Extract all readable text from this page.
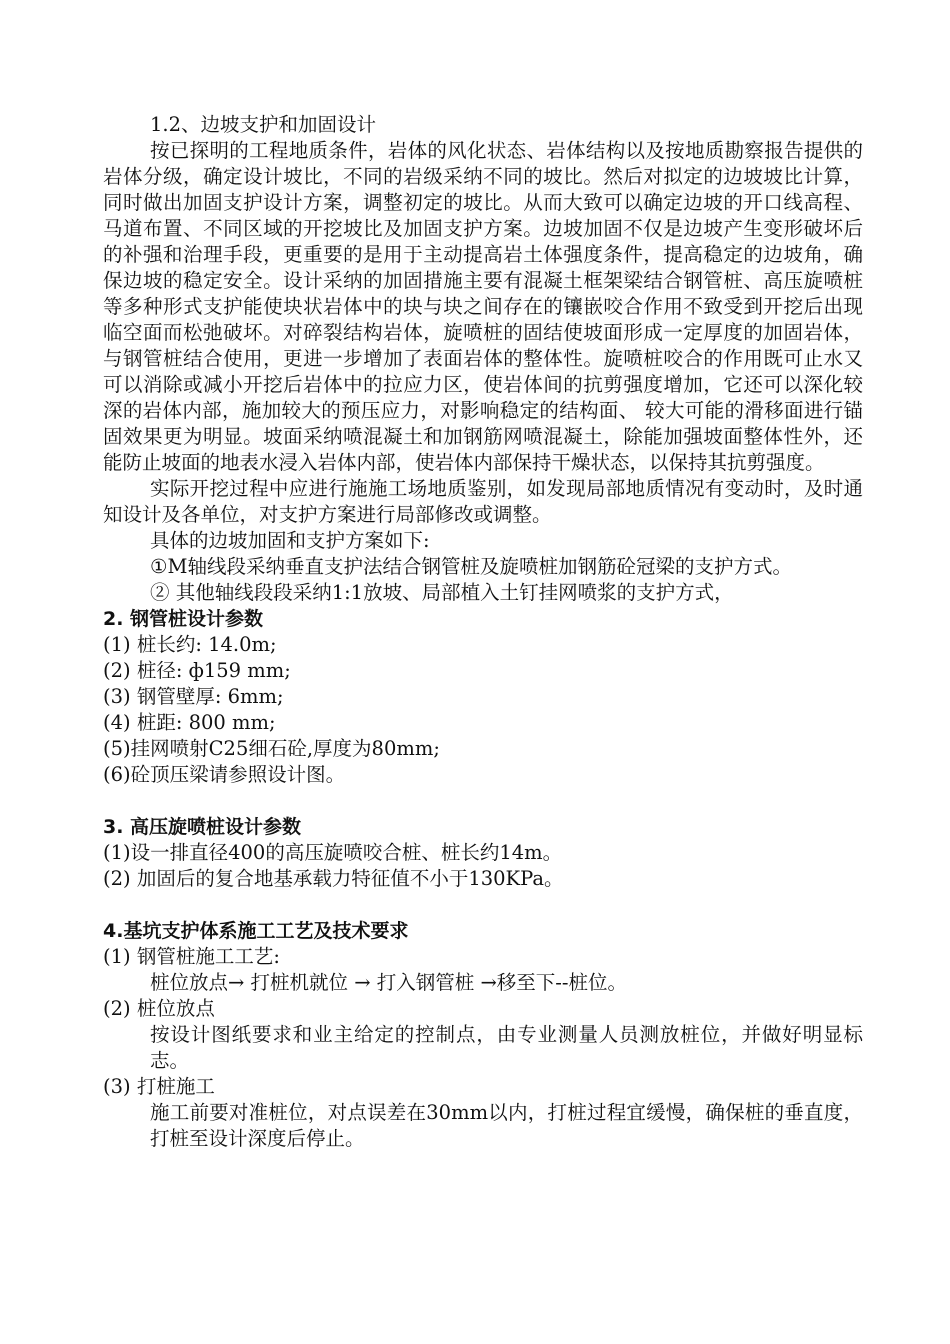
1.2、边坡支护和加固设计

按已探明的工程地质条件，岩体的风化状态、岩体结构以及按地质勘察报告提供的岩体分级，确定设计坡比，不同的岩级采纳不同的坡比。然后对拟定的边坡坡比计算，同时做出加固支护设计方案，调整初定的坡比。从而大致可以确定边坡的开口线高程、马道布置、不同区域的开挖坡比及加固支护方案。边坡加固不仅是边坡产生变形破坏后的补强和治理手段，更重要的是用于主动提高岩土体强度条件，提高稳定的边坡角，确保边坡的稳定安全。设计采纳的加固措施主要有混凝土框架梁结合钢管桩、高压旋喷桩等多种形式支护能使块状岩体中的块与块之间存在的镶嵌咬合作用不致受到开挖后出现临空面而松弛破坏。对碎裂结构岩体，旋喷桩的固结使坡面形成一定厚度的加固岩体，与钢管桩结合使用，更进一步增加了表面岩体的整体性。旋喷桩咬合的作用既可止水又可以消除或减小开挖后岩体中的拉应力区，使岩体间的抗剪强度增加，它还可以深化较深的岩体内部，施加较大的预压应力，对影响稳定的结构面、 较大可能的滑移面进行锚固效果更为明显。坡面采纳喷混凝土和加钢筋网喷混凝土，除能加强坡面整体性外，还能防止坡面的地表水浸入岩体内部，使岩体内部保持干燥状态，以保持其抗剪强度。

实际开挖过程中应进行施施工场地质鉴别，如发现局部地质情况有变动时，及时通知设计及各单位，对支护方案进行局部修改或调整。

具体的边坡加固和支护方案如下:

①M轴线段采纳垂直支护法结合钢管桩及旋喷桩加钢筋砼冠梁的支护方式。

② 其他轴线段段采纳1:1放坡、局部植入土钉挂网喷浆的支护方式，

2. 钢管桩设计参数

(1) 桩长约: 14.0m;

(2) 桩径: ф159 mm;

(3) 钢管壁厚: 6mm;

(4) 桩距: 800 mm;

(5)挂网喷射C25细石砼,厚度为80mm;

(6)砼顶压梁请参照设计图。

3. 高压旋喷桩设计参数

(1)设一排直径400的高压旋喷咬合桩、桩长约14m。

(2) 加固后的复合地基承载力特征值不小于130KPa。

4.基坑支护体系施工工艺及技术要求

(1) 钢管桩施工工艺:

桩位放点→ 打桩机就位 → 打入钢管桩 →移至下--桩位。

(2) 桩位放点

按设计图纸要求和业主给定的控制点，由专业测量人员测放桩位，并做好明显标志。

(3) 打桩施工

施工前要对准桩位，对点误差在30mm以内，打桩过程宜缓慢，确保桩的垂直度，打桩至设计深度后停止。
